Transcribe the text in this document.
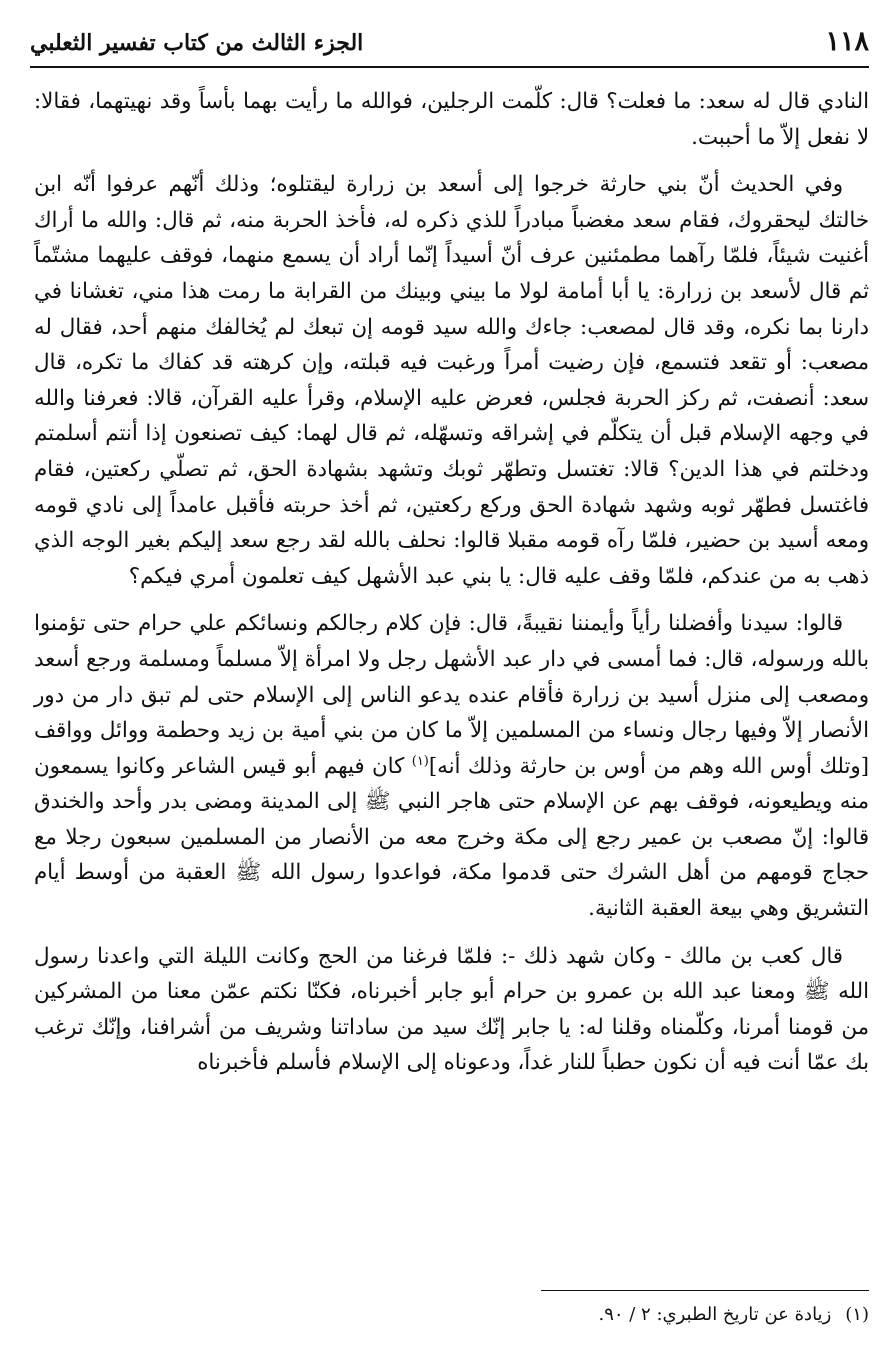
١١٨
الجزء الثالث من كتاب تفسير الثعلبي

النادي قال له سعد: ما فعلت؟ قال: كلّمت الرجلين، فوالله ما رأيت بهما بأساً وقد نهيتهما، فقالا: لا نفعل إلاّ ما أحببت.

وفي الحديث أنّ بني حارثة خرجوا إلى أسعد بن زرارة ليقتلوه؛ وذلك أنّهم عرفوا أنّه ابن خالتك ليحقروك، فقام سعد مغضباً مبادراً للذي ذكره له، فأخذ الحربة منه، ثم قال: والله ما أراك أغنيت شيئاً، فلمّا رآهما مطمئنين عرف أنّ أسيداً إنّما أراد أن يسمع منهما، فوقف عليهما مشتّماً ثم قال لأسعد بن زرارة: يا أبا أمامة لولا ما بيني وبينك من القرابة ما رمت هذا مني، تغشانا في دارنا بما نكره، وقد قال لمصعب: جاءك والله سيد قومه إن تبعك لم يُخالفك منهم أحد، فقال له مصعب: أو تقعد فتسمع، فإن رضيت أمراً ورغبت فيه قبلته، وإن كرهته قد كفاك ما تكره، قال سعد: أنصفت، ثم ركز الحربة فجلس، فعرض عليه الإسلام، وقرأ عليه القرآن، قالا: فعرفنا والله في وجهه الإسلام قبل أن يتكلّم في إشراقه وتسهّله، ثم قال لهما: كيف تصنعون إذا أنتم أسلمتم ودخلتم في هذا الدين؟ قالا: تغتسل وتطهّر ثوبك وتشهد بشهادة الحق، ثم تصلّي ركعتين، فقام فاغتسل فطهّر ثوبه وشهد شهادة الحق وركع ركعتين، ثم أخذ حربته فأقبل عامداً إلى نادي قومه ومعه أسيد بن حضير، فلمّا رآه قومه مقبلا قالوا: نحلف بالله لقد رجع سعد إليكم بغير الوجه الذي ذهب به من عندكم، فلمّا وقف عليه قال: يا بني عبد الأشهل كيف تعلمون أمري فيكم؟

قالوا: سيدنا وأفضلنا رأياً وأيمننا نقيبةً، قال: فإن كلام رجالكم ونسائكم علي حرام حتى تؤمنوا بالله ورسوله، قال: فما أمسى في دار عبد الأشهل رجل ولا امرأة إلاّ مسلماً ومسلمة ورجع أسعد ومصعب إلى منزل أسيد بن زرارة فأقام عنده يدعو الناس إلى الإسلام حتى لم تبق دار من دور الأنصار إلاّ وفيها رجال ونساء من المسلمين إلاّ ما كان من بني أمية بن زيد وحطمة ووائل وواقف [وتلك أوس الله وهم من أوس بن حارثة وذلك أنه]$^{(١)}$ كان فيهم أبو قيس الشاعر وكانوا يسمعون منه ويطيعونه، فوقف بهم عن الإسلام حتى هاجر النبي ﷺ إلى المدينة ومضى بدر وأحد والخندق قالوا: إنّ مصعب بن عمير رجع إلى مكة وخرج معه من الأنصار من المسلمين سبعون رجلا مع حجاج قومهم من أهل الشرك حتى قدموا مكة، فواعدوا رسول الله ﷺ العقبة من أوسط أيام التشريق وهي بيعة العقبة الثانية.

قال كعب بن مالك - وكان شهد ذلك -: فلمّا فرغنا من الحج وكانت الليلة التي واعدنا رسول الله ﷺ ومعنا عبد الله بن عمرو بن حرام أبو جابر أخبرناه، فكنّا نكتم عمّن معنا من المشركين من قومنا أمرنا، وكلّمناه وقلنا له: يا جابر إنّك سيد من ساداتنا وشريف من أشرافنا، وإنّك ترغب بك عمّا أنت فيه أن نكون حطباً للنار غداً، ودعوناه إلى الإسلام فأسلم فأخبرناه

(١)زيادة عن تاريخ الطبري: ٢ / ٩٠.
